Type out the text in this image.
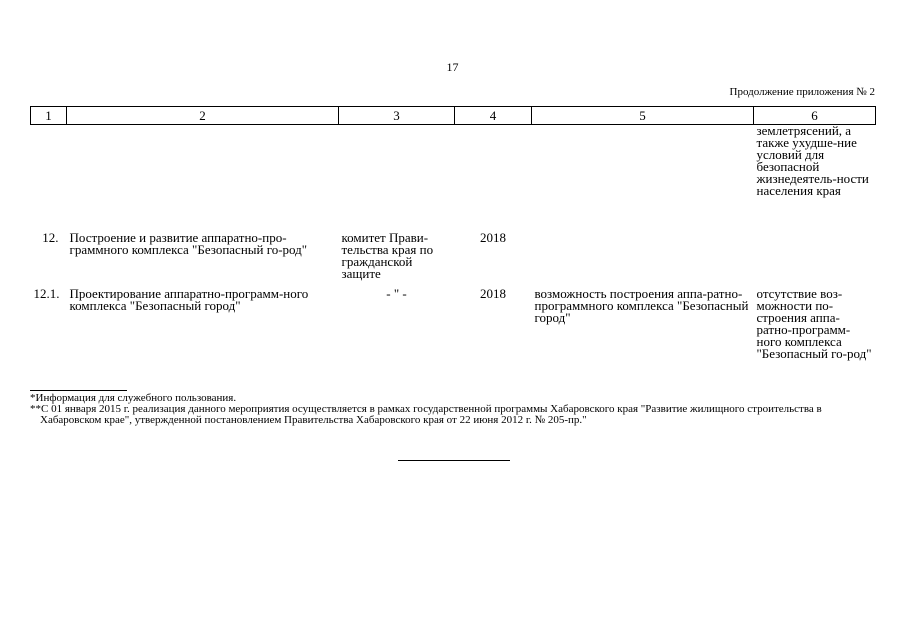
17
Продолжение приложения № 2
1	2	3	4	5	6
					землетрясений, а также ухудше-ние условий для безопасной жизнедеятель-ности населения края
12.	Построение и развитие аппаратно-про-граммного комплекса "Безопасный го-род"	комитет Прави-тельства края по гражданской защите	2018		
12.1.	Проектирование аппаратно-программ-ного комплекса "Безопасный город"	- " -	2018	возможность построения аппа-ратно-программного комплекса "Безопасный город"	отсутствие воз-можности по-строения аппа-ратно-программ-ного комплекса "Безопасный го-род"
*Информация для служебного пользования.
**С 01 января 2015 г. реализация данного мероприятия осуществляется в рамках государственной программы Хабаровского края "Развитие жилищного строительства в Хабаровском крае", утвержденной постановлением Правительства Хабаровского края от 22 июня 2012 г. № 205-пр."
